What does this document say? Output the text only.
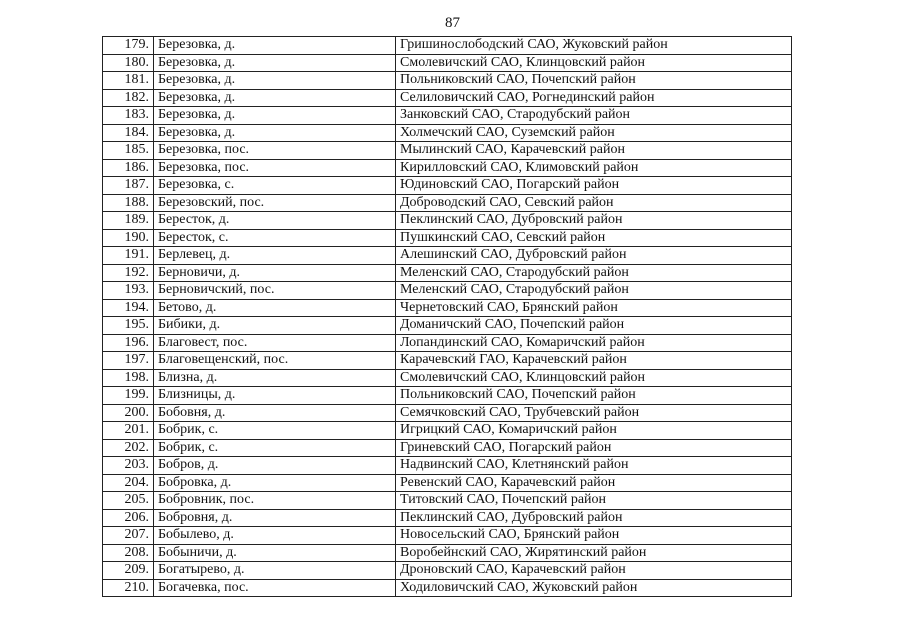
87
179.	Березовка, д.	Гришинослободский САО, Жуковский район
180.	Березовка, д.	Смолевичский САО, Клинцовский район
181.	Березовка, д.	Польниковский САО, Почепский район
182.	Березовка, д.	Селиловичский САО, Рогнединский район
183.	Березовка, д.	Занковский САО, Стародубский район
184.	Березовка, д.	Холмечский САО, Суземский район
185.	Березовка, пос.	Мылинский САО, Карачевский район
186.	Березовка, пос.	Кирилловский САО, Климовский район
187.	Березовка, с.	Юдиновский САО, Погарский район
188.	Березовский, пос.	Доброводский САО, Севский район
189.	Бересток, д.	Пеклинский САО, Дубровский район
190.	Бересток, с.	Пушкинский САО, Севский район
191.	Берлевец, д.	Алешинский САО, Дубровский район
192.	Берновичи, д.	Меленский САО, Стародубский район
193.	Берновичский, пос.	Меленский САО, Стародубский район
194.	Бетово, д.	Чернетовский САО, Брянский район
195.	Бибики, д.	Доманичский САО, Почепский район
196.	Благовест, пос.	Лопандинский САО, Комаричский район
197.	Благовещенский, пос.	Карачевский ГАО, Карачевский район
198.	Близна, д.	Смолевичский САО, Клинцовский район
199.	Близницы, д.	Польниковский САО, Почепский район
200.	Бобовня, д.	Семячковский САО, Трубчевский район
201.	Бобрик, с.	Игрицкий САО, Комаричский район
202.	Бобрик, с.	Гриневский САО, Погарский район
203.	Бобров, д.	Надвинский САО, Клетнянский район
204.	Бобровка, д.	Ревенский САО, Карачевский район
205.	Бобровник, пос.	Титовский САО, Почепский район
206.	Бобровня, д.	Пеклинский САО, Дубровский район
207.	Бобылево, д.	Новосельский САО, Брянский район
208.	Бобыничи, д.	Воробейнский САО, Жирятинский район
209.	Богатырево, д.	Дроновский САО, Карачевский район
210.	Богачевка, пос.	Ходиловичский САО, Жуковский район
